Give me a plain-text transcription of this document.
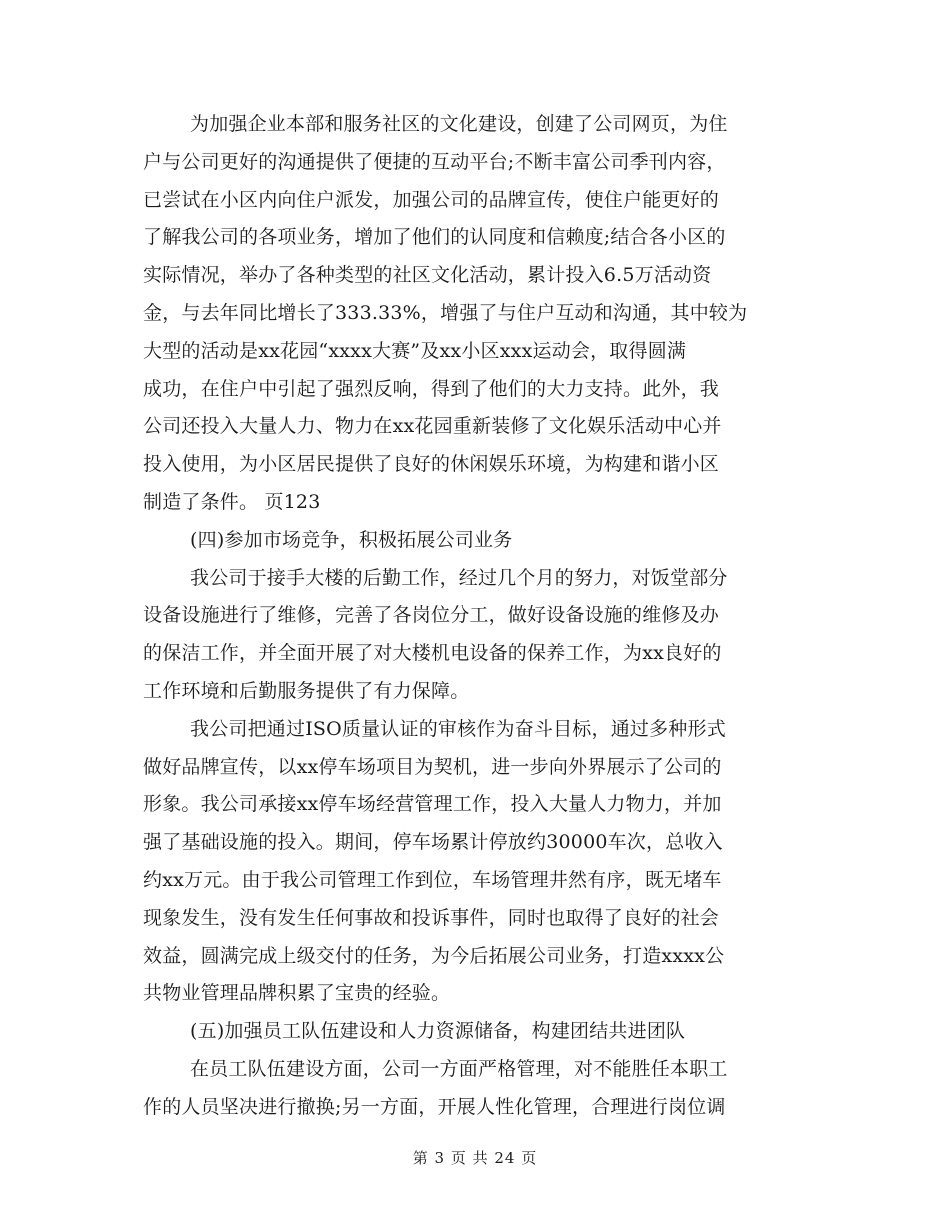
为加强企业本部和服务社区的文化建设，创建了公司网页，为住
户与公司更好的沟通提供了便捷的互动平台;不断丰富公司季刊内容，
已尝试在小区内向住户派发，加强公司的品牌宣传，使住户能更好的
了解我公司的各项业务，增加了他们的认同度和信赖度;结合各小区的
实际情况，举办了各种类型的社区文化活动，累计投入6.5万活动资
金，与去年同比增长了333.33%，增强了与住户互动和沟通，其中较为
大型的活动是xx花园“xxxx大赛”及xx小区xxx运动会，取得圆满
成功，在住户中引起了强烈反响，得到了他们的大力支持。此外，我
公司还投入大量人力、物力在xx花园重新装修了文化娱乐活动中心并
投入使用，为小区居民提供了良好的休闲娱乐环境，为构建和谐小区
制造了条件。 页123
(四)参加市场竞争，积极拓展公司业务
我公司于接手大楼的后勤工作，经过几个月的努力，对饭堂部分
设备设施进行了维修，完善了各岗位分工，做好设备设施的维修及办
的保洁工作，并全面开展了对大楼机电设备的保养工作，为xx良好的
工作环境和后勤服务提供了有力保障。
我公司把通过ISO质量认证的审核作为奋斗目标，通过多种形式
做好品牌宣传，以xx停车场项目为契机，进一步向外界展示了公司的
形象。我公司承接xx停车场经营管理工作，投入大量人力物力，并加
强了基础设施的投入。期间，停车场累计停放约30000车次，总收入
约xx万元。由于我公司管理工作到位，车场管理井然有序，既无堵车
现象发生，没有发生任何事故和投诉事件，同时也取得了良好的社会
效益，圆满完成上级交付的任务，为今后拓展公司业务，打造xxxx公
共物业管理品牌积累了宝贵的经验。
(五)加强员工队伍建设和人力资源储备，构建团结共进团队
在员工队伍建设方面，公司一方面严格管理，对不能胜任本职工
作的人员坚决进行撤换;另一方面，开展人性化管理，合理进行岗位调
第 3 页 共 24 页
